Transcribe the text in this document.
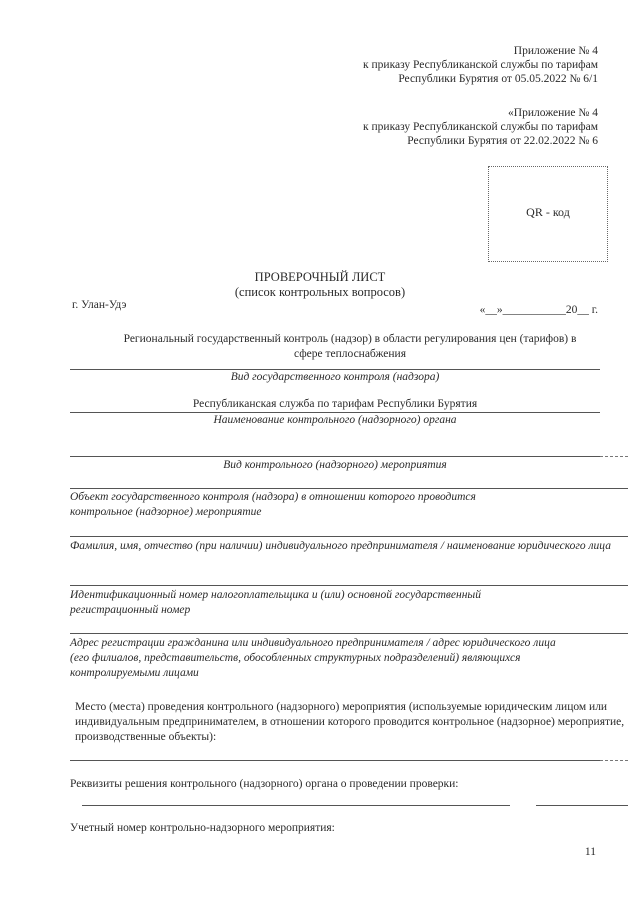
Приложение № 4
к приказу Республиканской службы по тарифам
Республики Бурятия от 05.05.2022 № 6/1
«Приложение № 4
к приказу Республиканской службы по тарифам
Республики Бурятия от 22.02.2022 № 6
QR - код
ПРОВЕРОЧНЫЙ ЛИСТ
(список контрольных вопросов)
г. Улан-Удэ	«__»___________20__ г.
Региональный государственный контроль (надзор) в области регулирования цен (тарифов) в сфере теплоснабжения
Вид государственного контроля (надзора)
Республиканская служба по тарифам Республики Бурятия
Наименование контрольного (надзорного) органа
Вид контрольного (надзорного) мероприятия
Объект государственного контроля (надзора) в отношении которого проводится контрольное (надзорное) мероприятие
Фамилия, имя, отчество (при наличии) индивидуального предпринимателя / наименование юридического лица
Идентификационный номер налогоплательщика и (или) основной государственный регистрационный номер
Адрес регистрации гражданина или индивидуального предпринимателя / адрес юридического лица (его филиалов, представительств, обособленных структурных подразделений) являющихся контролируемыми лицами
Место (места) проведения контрольного (надзорного) мероприятия (используемые юридическим лицом или индивидуальным предпринимателем, в отношении которого проводится контрольное (надзорное) мероприятие, производственные объекты):
Реквизиты решения контрольного (надзорного) органа о проведении проверки:
Учетный номер контрольно-надзорного мероприятия:
11
